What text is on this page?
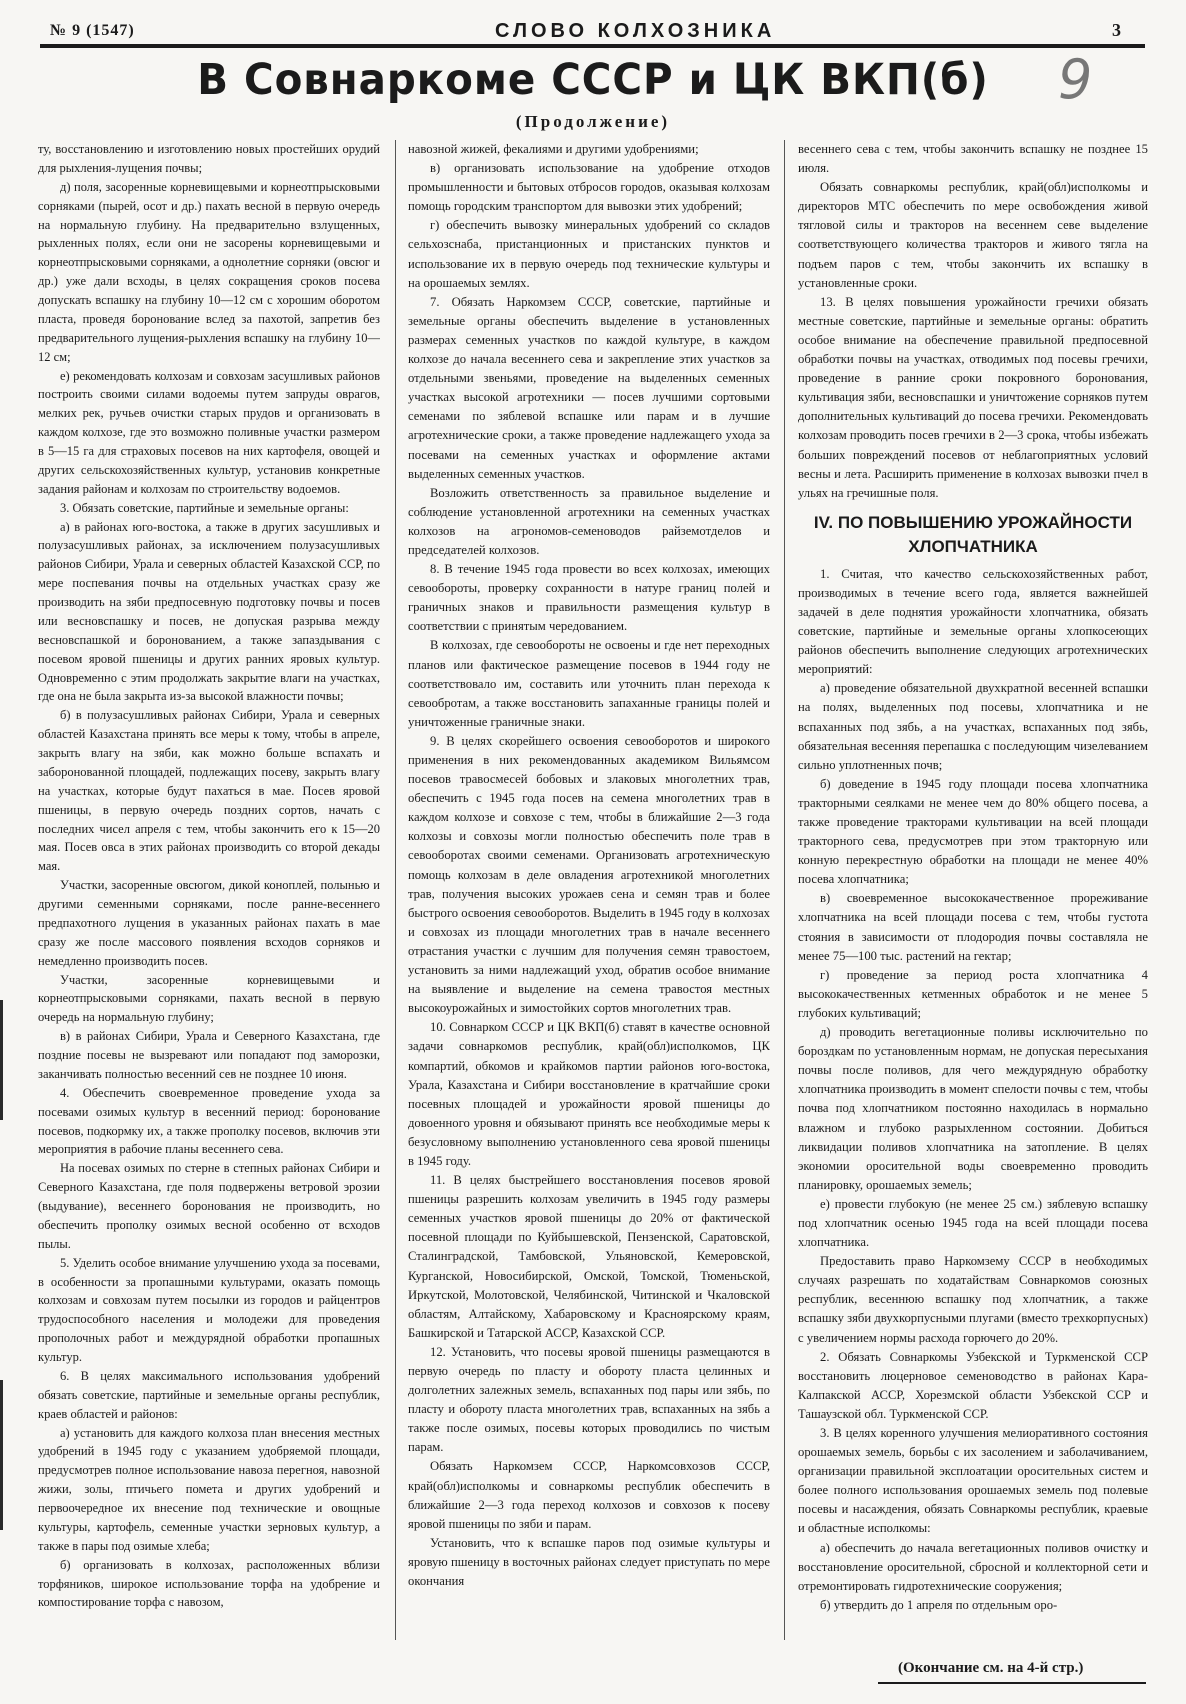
№ 9 (1547)	СЛОВО КОЛХОЗНИКА	3
9
В Совнаркоме СССР и ЦК ВКП(б)
(Продолжение)

ту, восстановлению и изготовлению новых простейших орудий для рыхления-лущения почвы;

д) поля, засоренные корневищевыми и корнеотпрысковыми сорняками (пырей, осот и др.) пахать весной в первую очередь на нормальную глубину. На предварительно взлущенных, рыхленных полях, если они не засорены корневищевыми и корнеотпрысковыми сорняками, а однолетние сорняки (овсюг и др.) уже дали всходы, в целях сокращения сроков посева допускать вспашку на глубину 10—12 см с хорошим оборотом пласта, проведя боронование вслед за пахотой, запретив без предварительного лущения-рыхления вспашку на глубину 10—12 см;

е) рекомендовать колхозам и совхозам засушливых районов построить своими силами водоемы путем запруды оврагов, мелких рек, ручьев очистки старых прудов и организовать в каждом колхозе, где это возможно поливные участки размером в 5—15 га для страховых посевов на них картофеля, овощей и других сельскохозяйственных культур, установив конкретные задания районам и колхозам по строительству водоемов.

3. Обязать советские, партийные и земельные органы:

а) в районах юго-востока, а также в других засушливых и полузасушливых районах, за исключением полузасушливых районов Сибири, Урала и северных областей Казахской ССР, по мере поспевания почвы на отдельных участках сразу же производить на зяби предпосевную подготовку почвы и посев или весновспашку и посев, не допуская разрыва между весновспашкой и боронованием, а также запаздывания с посевом яровой пшеницы и других ранних яровых культур. Одновременно с этим продолжать закрытие влаги на участках, где она не была закрыта из-за высокой влажности почвы;

б) в полузасушливых районах Сибири, Урала и северных областей Казахстана принять все меры к тому, чтобы в апреле, закрыть влагу на зяби, как можно больше вспахать и заборонованной площадей, подлежащих посеву, закрыть влагу на участках, которые будут пахаться в мае. Посев яровой пшеницы, в первую очередь поздних сортов, начать с последних чисел апреля с тем, чтобы закончить его к 15—20 мая. Посев овса в этих районах производить со второй декады мая.

Участки, засоренные овсюгом, дикой коноплей, полынью и другими семенными сорняками, после ранне-весеннего предпахотного лущения в указанных районах пахать в мае сразу же после массового появления всходов сорняков и немедленно производить посев.

Участки, засоренные корневищевыми и корнеотпрысковыми сорняками, пахать весной в первую очередь на нормальную глубину;

в) в районах Сибири, Урала и Северного Казахстана, где поздние посевы не вызревают или попадают под заморозки, заканчивать полностью весенний сев не позднее 10 июня.

4. Обеспечить своевременное проведение ухода за посевами озимых культур в весенний период: боронование посевов, подкормку их, а также прополку посевов, включив эти мероприятия в рабочие планы весеннего сева.

На посевах озимых по стерне в степных районах Сибири и Северного Казахстана, где поля подвержены ветровой эрозии (выдувание), весеннего боронования не производить, но обеспечить прополку озимых весной особенно от всходов пылы.

5. Уделить особое внимание улучшению ухода за посевами, в особенности за пропашными культурами, оказать помощь колхозам и совхозам путем посылки из городов и райцентров трудоспособного населения и молодежи для проведения прополочных работ и междурядной обработки пропашных культур.

6. В целях максимального использования удобрений обязать советские, партийные и земельные органы республик, краев областей и районов:

а) установить для каждого колхоза план внесения местных удобрений в 1945 году с указанием удобряемой площади, предусмотрев полное использование навоза перегноя, навозной жижи, золы, птичьего помета и других удобрений и первоочередное их внесение под технические и овощные культуры, картофель, семенные участки зерновых культур, а также в пары под озимые хлеба;

б) организовать в колхозах, расположенных вблизи торфяников, широкое использование торфа на удобрение и компостирование торфа с навозом,

навозной жижей, фекалиями и другими удобрениями;

в) организовать использование на удобрение отходов промышленности и бытовых отбросов городов, оказывая колхозам помощь городским транспортом для вывозки этих удобрений;

г) обеспечить вывозку минеральных удобрений со складов сельхозснаба, пристанционных и пристанских пунктов и использование их в первую очередь под технические культуры и на орошаемых землях.

7. Обязать Наркомзем СССР, советские, партийные и земельные органы обеспечить выделение в установленных размерах семенных участков по каждой культуре, в каждом колхозе до начала весеннего сева и закрепление этих участков за отдельными звеньями, проведение на выделенных семенных участках высокой агротехники — посев лучшими сортовыми семенами по зяблевой вспашке или парам и в лучшие агротехнические сроки, а также проведение надлежащего ухода за посевами на семенных участках и оформление актами выделенных семенных участков.

Возложить ответственность за правильное выделение и соблюдение установленной агротехники на семенных участках колхозов на агрономов-семеноводов райземотделов и председателей колхозов.

8. В течение 1945 года провести во всех колхозах, имеющих севообороты, проверку сохранности в натуре границ полей и граничных знаков и правильности размещения культур в соответствии с принятым чередованием.

В колхозах, где севообороты не освоены и где нет переходных планов или фактическое размещение посевов в 1944 году не соответствовало им, составить или уточнить план перехода к севообротам, а также восстановить запаханные границы полей и уничтоженные граничные знаки.

9. В целях скорейшего освоения севооборотов и широкого применения в них рекомендованных академиком Вильямсом посевов травосмесей бобовых и злаковых многолетних трав, обеспечить с 1945 года посев на семена многолетних трав в каждом колхозе и совхозе с тем, чтобы в ближайшие 2—3 года колхозы и совхозы могли полностью обеспечить поле трав в севооборотах своими семенами. Организовать агротехническую помощь колхозам в деле овладения агротехникой многолетних трав, получения высоких урожаев сена и семян трав и более быстрого освоения севооборотов. Выделить в 1945 году в колхозах и совхозах из площади многолетних трав в начале весеннего отрастания участки с лучшим для получения семян травостоем, установить за ними надлежащий уход, обратив особое внимание на выявление и выделение на семена травостоя местных высокоурожайных и зимостойких сортов многолетних трав.

10. Совнарком СССР и ЦК ВКП(б) ставят в качестве основной задачи совнаркомов республик, край(обл)исполкомов, ЦК компартий, обкомов и крайкомов партии районов юго-востока, Урала, Казахстана и Сибири восстановление в кратчайшие сроки посевных площадей и урожайности яровой пшеницы до довоенного уровня и обязывают принять все необходимые меры к безусловному выполнению установленного сева яровой пшеницы в 1945 году.

11. В целях быстрейшего восстановления посевов яровой пшеницы разрешить колхозам увеличить в 1945 году размеры семенных участков яровой пшеницы до 20% от фактической посевной площади по Куйбышевской, Пензенской, Саратовской, Сталинградской, Тамбовской, Ульяновской, Кемеровской, Курганской, Новосибирской, Омской, Томской, Тюменьской, Иркутской, Молотовской, Челябинской, Читинской и Чкаловской областям, Алтайскому, Хабаровскому и Красноярскому краям, Башкирской и Татарской АССР, Казахской ССР.

12. Установить, что посевы яровой пшеницы размещаются в первую очередь по пласту и обороту пласта целинных и долголетних залежных земель, вспаханных под пары или зябь, по пласту и обороту пласта многолетних трав, вспаханных на зябь а также после озимых, посевы которых проводились по чистым парам.

Обязать Наркомзем СССР, Наркомсовхозов СССР, край(обл)исполкомы и совнаркомы республик обеспечить в ближайшие 2—3 года переход колхозов и совхозов к посеву яровой пшеницы по зяби и парам.

Установить, что к вспашке паров под озимые культуры и яровую пшеницу в восточных районах следует приступать по мере окончания

весеннего сева с тем, чтобы закончить вспашку не позднее 15 июля.

Обязать совнаркомы республик, край(обл)исполкомы и директоров МТС обеспечить по мере освобождения живой тягловой силы и тракторов на весеннем севе выделение соответствующего количества тракторов и живого тягла на подъем паров с тем, чтобы закончить их вспашку в установленные сроки.

13. В целях повышения урожайности гречихи обязать местные советские, партийные и земельные органы: обратить особое внимание на обеспечение правильной предпосевной обработки почвы на участках, отводимых под посевы гречихи, проведение в ранние сроки покровного боронования, культивация зяби, весновспашки и уничтожение сорняков путем дополнительных культиваций до посева гречихи. Рекомендовать колхозам проводить посев гречихи в 2—3 срока, чтобы избежать больших повреждений посевов от неблагоприятных условий весны и лета. Расширить применение в колхозах вывозки пчел в ульях на гречишные поля.

IV. ПО ПОВЫШЕНИЮ УРОЖАЙНОСТИ ХЛОПЧАТНИКА

1. Считая, что качество сельскохозяйственных работ, производимых в течение всего года, является важнейшей задачей в деле поднятия урожайности хлопчатника, обязать советские, партийные и земельные органы хлопкосеющих районов обеспечить выполнение следующих агротехнических мероприятий:

а) проведение обязательной двухкратной весенней вспашки на полях, выделенных под посевы, хлопчатника и не вспаханных под зябь, а на участках, вспаханных под зябь, обязательная весенняя перепашка с последующим чизелеванием сильно уплотненных почв;

б) доведение в 1945 году площади посева хлопчатника тракторными сеялками не менее чем до 80% общего посева, а также проведение тракторами культивации на всей площади тракторного сева, предусмотрев при этом тракторную или конную перекрестную обработки на площади не менее 40% посева хлопчатника;

в) своевременное высококачественное прореживание хлопчатника на всей площади посева с тем, чтобы густота стояния в зависимости от плодородия почвы составляла не менее 75—100 тыс. растений на гектар;

г) проведение за период роста хлопчатника 4 высококачественных кетменных обработок и не менее 5 глубоких культиваций;

д) проводить вегетационные поливы исключительно по бороздкам по установленным нормам, не допуская пересыхания почвы после поливов, для чего междурядную обработку хлопчатника производить в момент спелости почвы с тем, чтобы почва под хлопчатником постоянно находилась в нормально влажном и глубоко разрыхленном состоянии. Добиться ликвидации поливов хлопчатника на затопление. В целях экономии оросительной воды своевременно проводить планировку, орошаемых земель;

е) провести глубокую (не менее 25 см.) зяблевую вспашку под хлопчатник осенью 1945 года на всей площади посева хлопчатника.

Предоставить право Наркомзему СССР в необходимых случаях разрешать по ходатайствам Совнаркомов союзных республик, весеннюю вспашку под хлопчатник, а также вспашку зяби двухкорпусными плугами (вместо трехкорпусных) с увеличением нормы расхода горючего до 20%.

2. Обязать Совнаркомы Узбекской и Туркменской ССР восстановить люцерновое семеноводство в районах Кара-Калпакской АССР, Хорезмской области Узбекской ССР и Ташаузской обл. Туркменской ССР.

3. В целях коренного улучшения мелиоративного состояния орошаемых земель, борьбы с их засолением и заболачиванием, организации правильной эксплоатации оросительных систем и более полного использования орошаемых земель под полевые посевы и насаждения, обязать Совнаркомы республик, краевые и областные исполкомы:

а) обеспечить до начала вегетационных поливов очистку и восстановление оросительной, сбросной и коллекторной сети и отремонтировать гидротехнические сооружения;

б) утвердить до 1 апреля по отдельным оро-

(Окончание см. на 4-й стр.)
